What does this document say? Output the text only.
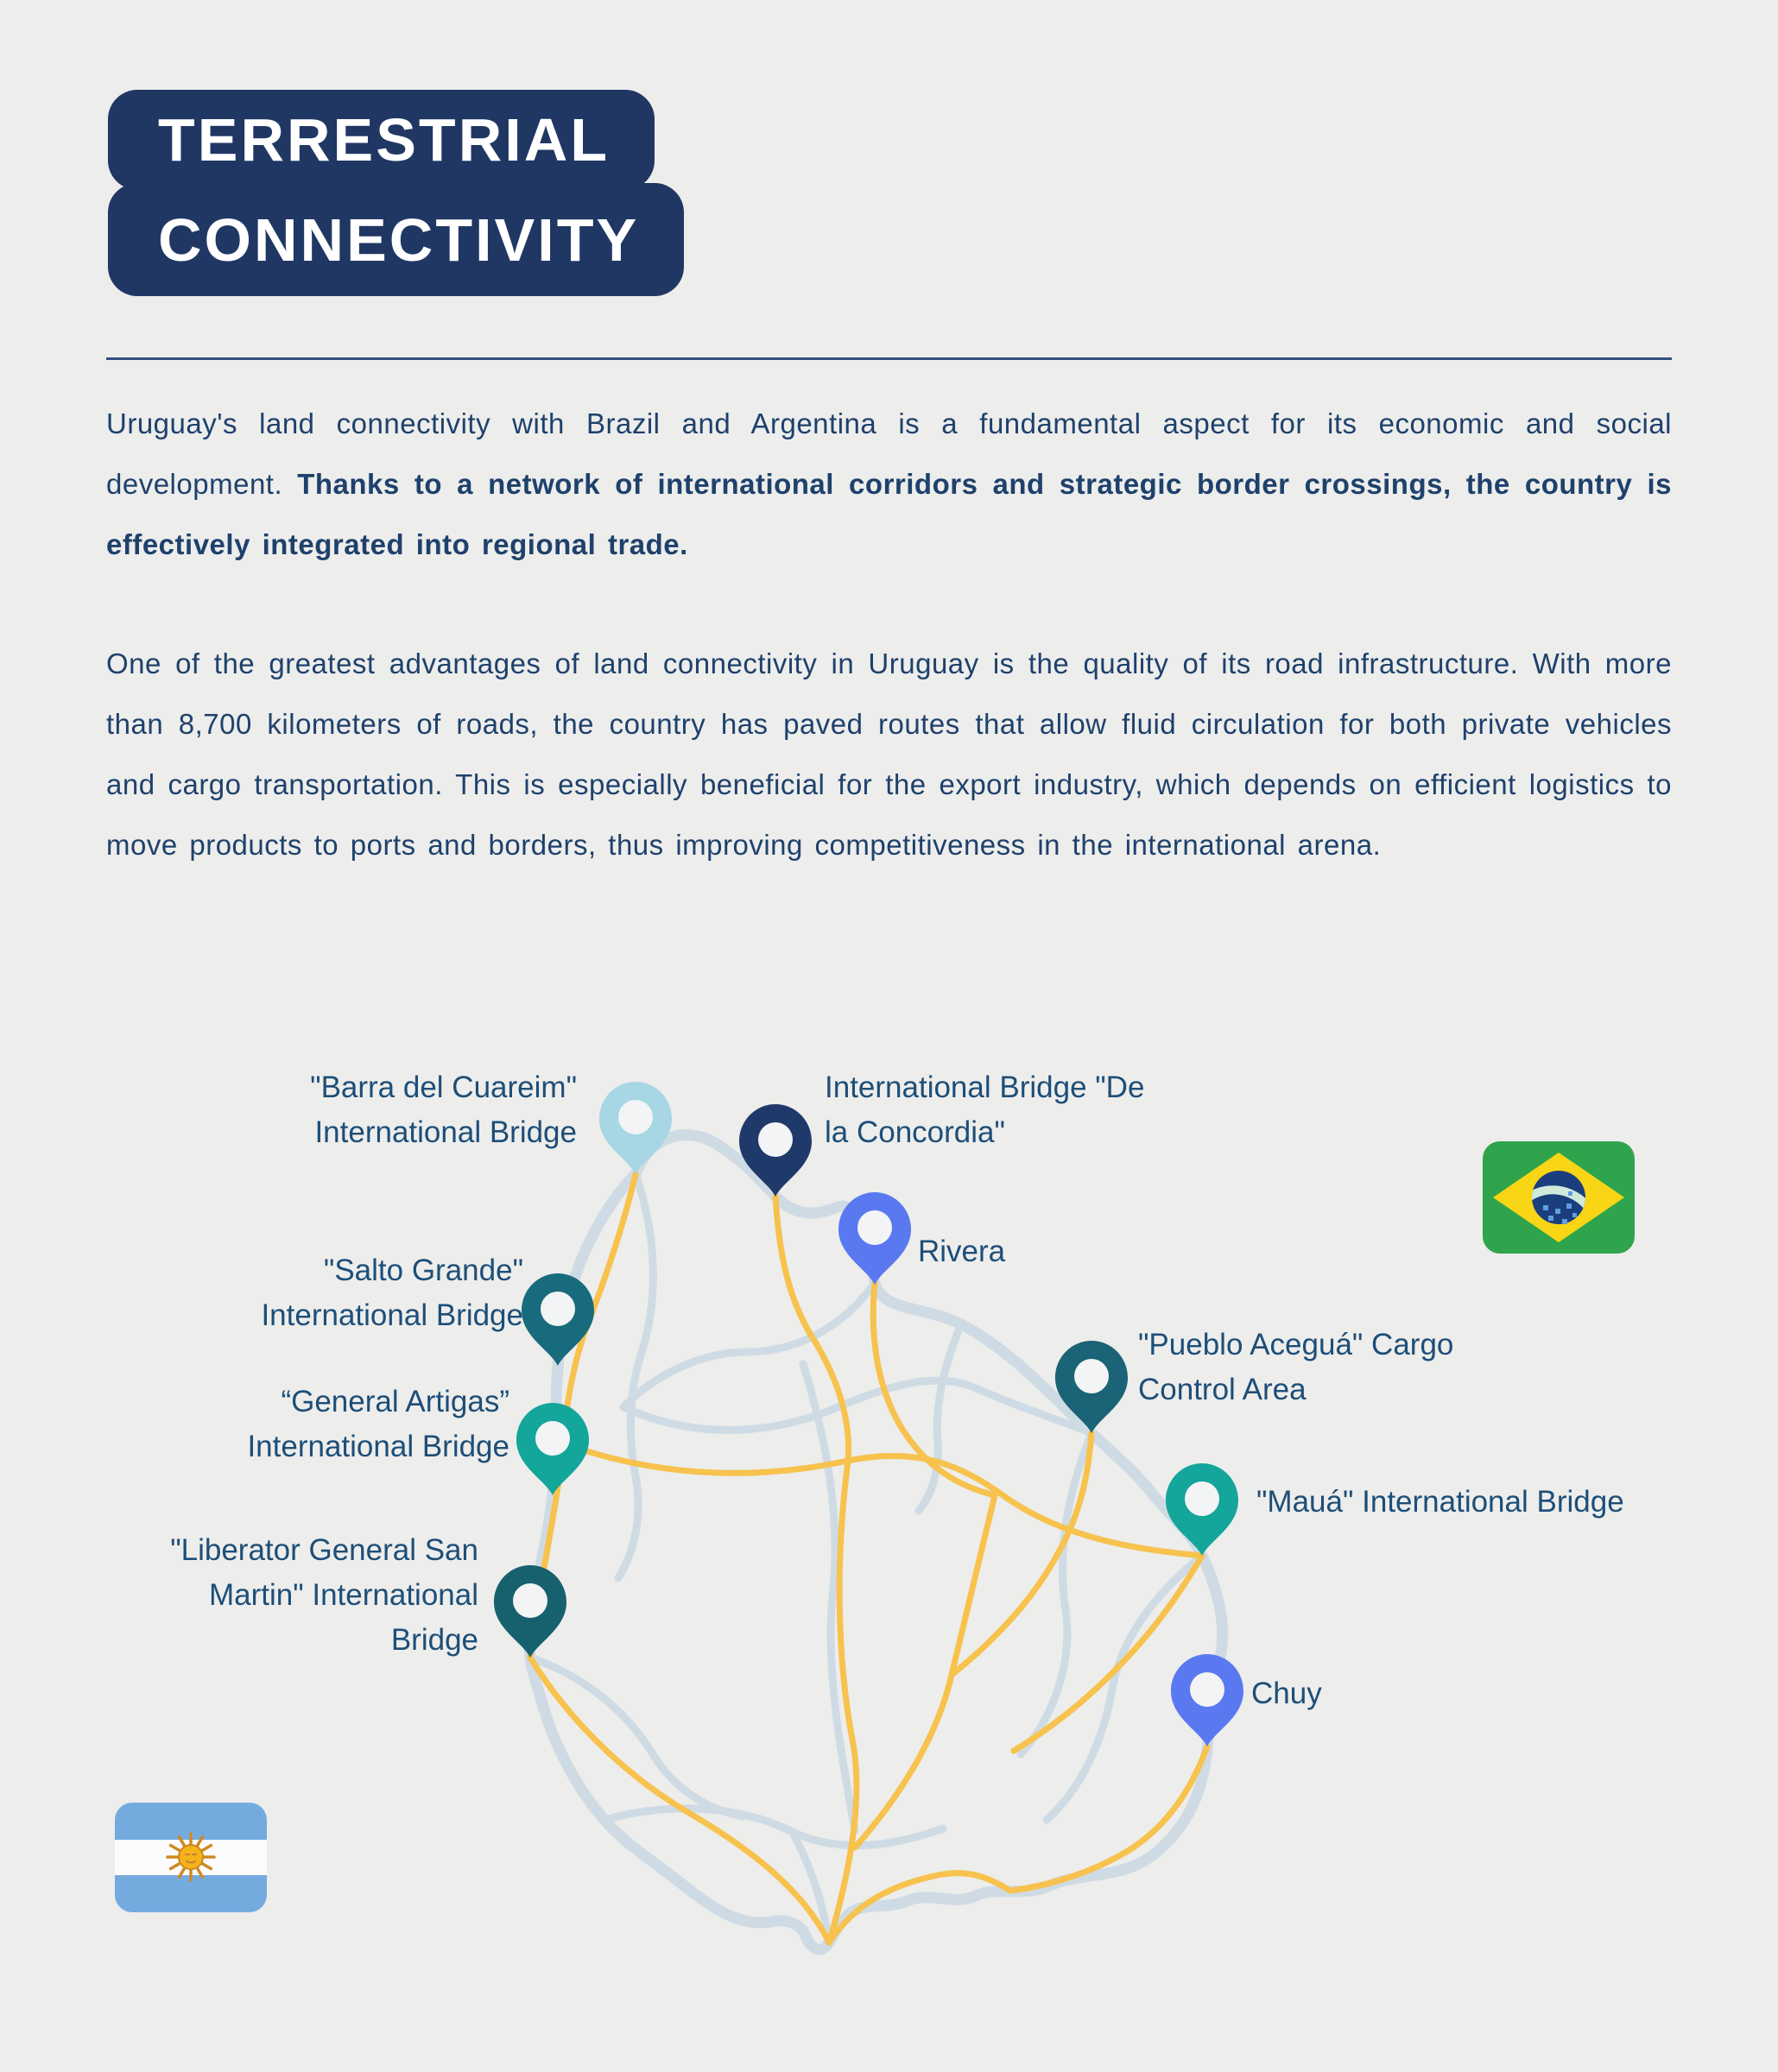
TERRESTRIAL
CONNECTIVITY

Uruguay's land connectivity with Brazil and Argentina is a fundamental aspect for its economic and social development. Thanks to a network of international corridors and strategic border crossings, the country is effectively integrated into regional trade.

One of the greatest advantages of land connectivity in Uruguay is the quality of its road infrastructure. With more than 8,700 kilometers of roads, the country has paved routes that allow fluid circulation for both private vehicles and cargo transportation. This is especially beneficial for the export industry, which depends on efficient logistics to move products to ports and borders, thus improving competitiveness in the international arena.

"Barra del Cuareim"
International Bridge
International Bridge "De
la Concordia"
Rivera
"Salto Grande"
International Bridge
“General Artigas”
International Bridge
"Pueblo Aceguá" Cargo
Control Area
"Mauá" International Bridge
"Liberator General San
Martin" International
Bridge
Chuy
